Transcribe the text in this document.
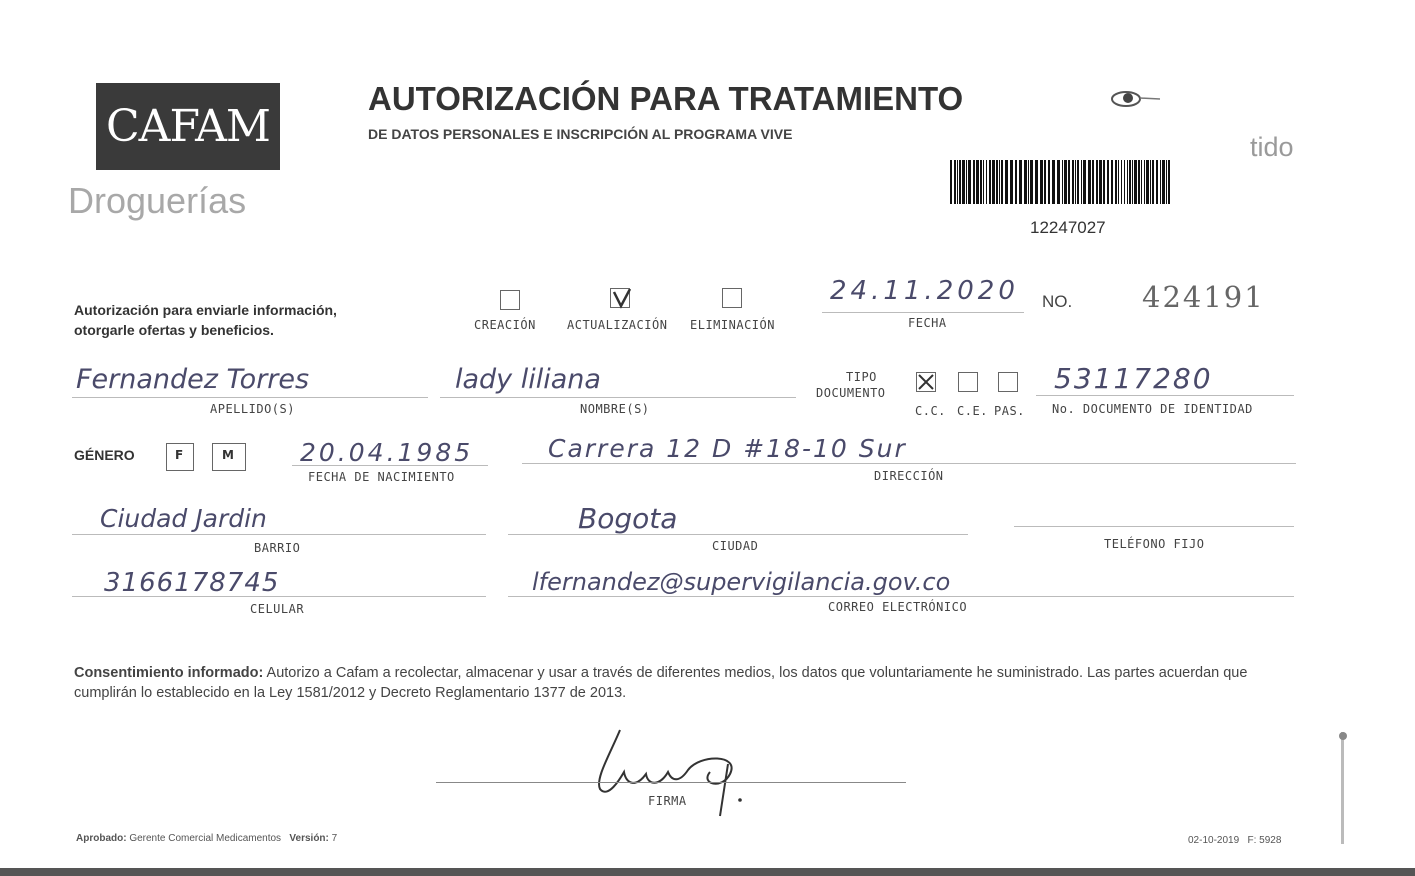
CAFAM
Droguerías
AUTORIZACIÓN PARA TRATAMIENTO
DE DATOS PERSONALES E INSCRIPCIÓN AL PROGRAMA VIVE	tido
12247027
Autorización para enviarle información,
otorgarle ofertas y beneficios.	CREACIÓN	ACTUALIZACIÓN ELIMINACIÓN
24.11.2020
FECHA
NO. 424191
Fernandez Torres
APELLIDO(S)
lady liliana
NOMBRE(S)
TIPO
DOCUMENTO
C.C. C.E. PAS.
53117280
No. DOCUMENTO DE IDENTIDAD
GÉNERO	F	M	20.04.1985
FECHA DE NACIMIENTO
Carrera 12 D #18-10 Sur
DIRECCIÓN
Ciudad Jardin
BARRIO
Bogota
CIUDAD	TELÉFONO FIJO
3166178745
CELULAR
lfernandez@supervigilancia.gov.co
CORREO ELECTRÓNICO
Consentimiento informado: Autorizo a Cafam a recolectar, almacenar y usar a través de diferentes medios, los datos que voluntariamente he suministrado. Las partes acuerdan que cumplirán lo establecido en la Ley 1581/2012 y Decreto Reglamentario 1377 de 2013.
FIRMA
Aprobado: Gerente Comercial Medicamentos Versión: 7	02-10-2019 F: 5928
